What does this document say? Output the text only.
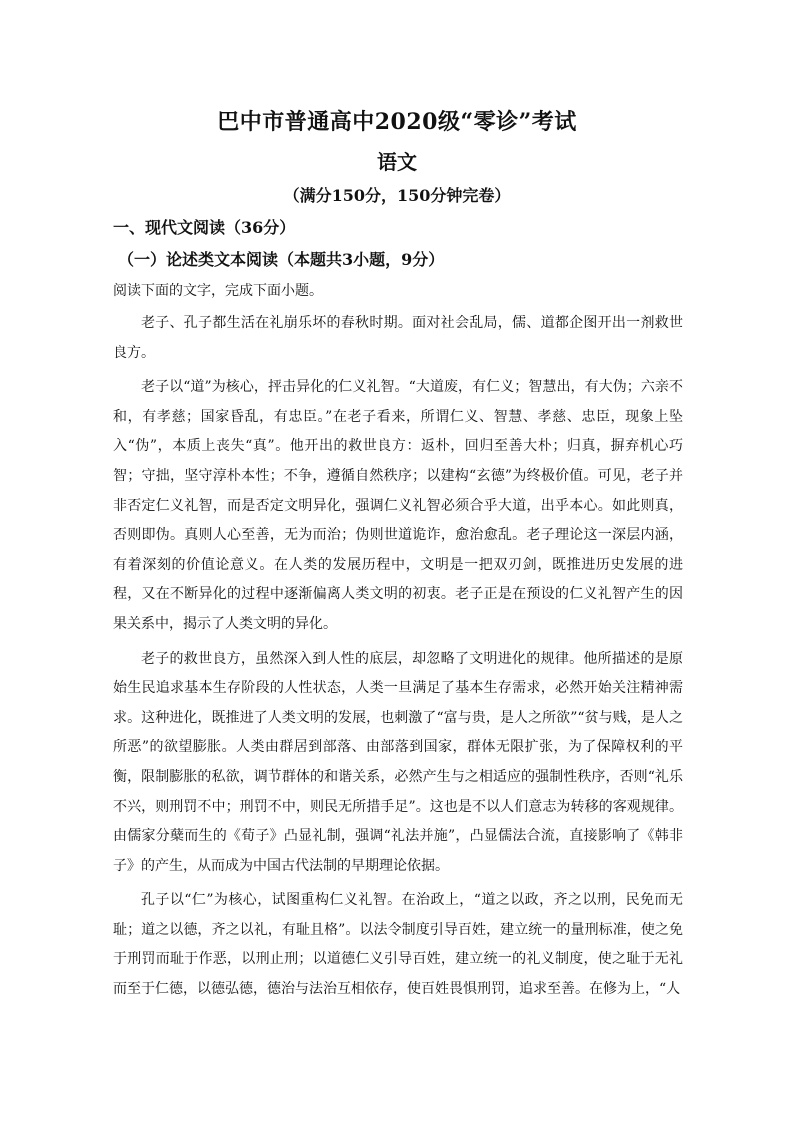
巴中市普通高中2020级“零诊”考试
语文
（满分150分，150分钟完卷）
一、现代文阅读（36分）
（一）论述类文本阅读（本题共3小题，9分）
阅读下面的文字，完成下面小题。

老子、孔子都生活在礼崩乐坏的春秋时期。面对社会乱局，儒、道都企图开出一剂救世良方。

老子以“道”为核心，抨击异化的仁义礼智。“大道废，有仁义；智慧出，有大伪；六亲不和，有孝慈；国家昏乱，有忠臣。”在老子看来，所谓仁义、智慧、孝慈、忠臣，现象上坠入“伪”，本质上丧失“真”。他开出的救世良方：返朴，回归至善大朴；归真，摒弃机心巧智；守拙，坚守淳朴本性；不争，遵循自然秩序；以建构“玄德”为终极价值。可见，老子并非否定仁义礼智，而是否定文明异化，强调仁义礼智必须合乎大道，出乎本心。如此则真，否则即伪。真则人心至善，无为而治；伪则世道诡诈，愈治愈乱。老子理论这一深层内涵，有着深刻的价值论意义。在人类的发展历程中，文明是一把双刃剑，既推进历史发展的进程，又在不断异化的过程中逐渐偏离人类文明的初衷。老子正是在预设的仁义礼智产生的因果关系中，揭示了人类文明的异化。

老子的救世良方，虽然深入到人性的底层，却忽略了文明进化的规律。他所描述的是原始生民追求基本生存阶段的人性状态，人类一旦满足了基本生存需求，必然开始关注精神需求。这种进化，既推进了人类文明的发展，也刺激了“富与贵，是人之所欲”“贫与贱，是人之所恶”的欲望膨胀。人类由群居到部落、由部落到国家，群体无限扩张，为了保障权利的平衡，限制膨胀的私欲，调节群体的和谐关系，必然产生与之相适应的强制性秩序，否则“礼乐不兴，则刑罚不中；刑罚不中，则民无所措手足”。这也是不以人们意志为转移的客观规律。由儒家分蘖而生的《荀子》凸显礼制，强调“礼法并施”，凸显儒法合流，直接影响了《韩非子》的产生，从而成为中国古代法制的早期理论依据。

孔子以“仁”为核心，试图重构仁义礼智。在治政上，“道之以政，齐之以刑，民免而无耻；道之以德，齐之以礼，有耻且格”。以法令制度引导百姓，建立统一的量刑标准，使之免于刑罚而耻于作恶，以刑止刑；以道德仁义引导百姓，建立统一的礼义制度，使之耻于无礼而至于仁德，以德弘德，德治与法治互相依存，使百姓畏惧刑罚，追求至善。在修为上，“人
